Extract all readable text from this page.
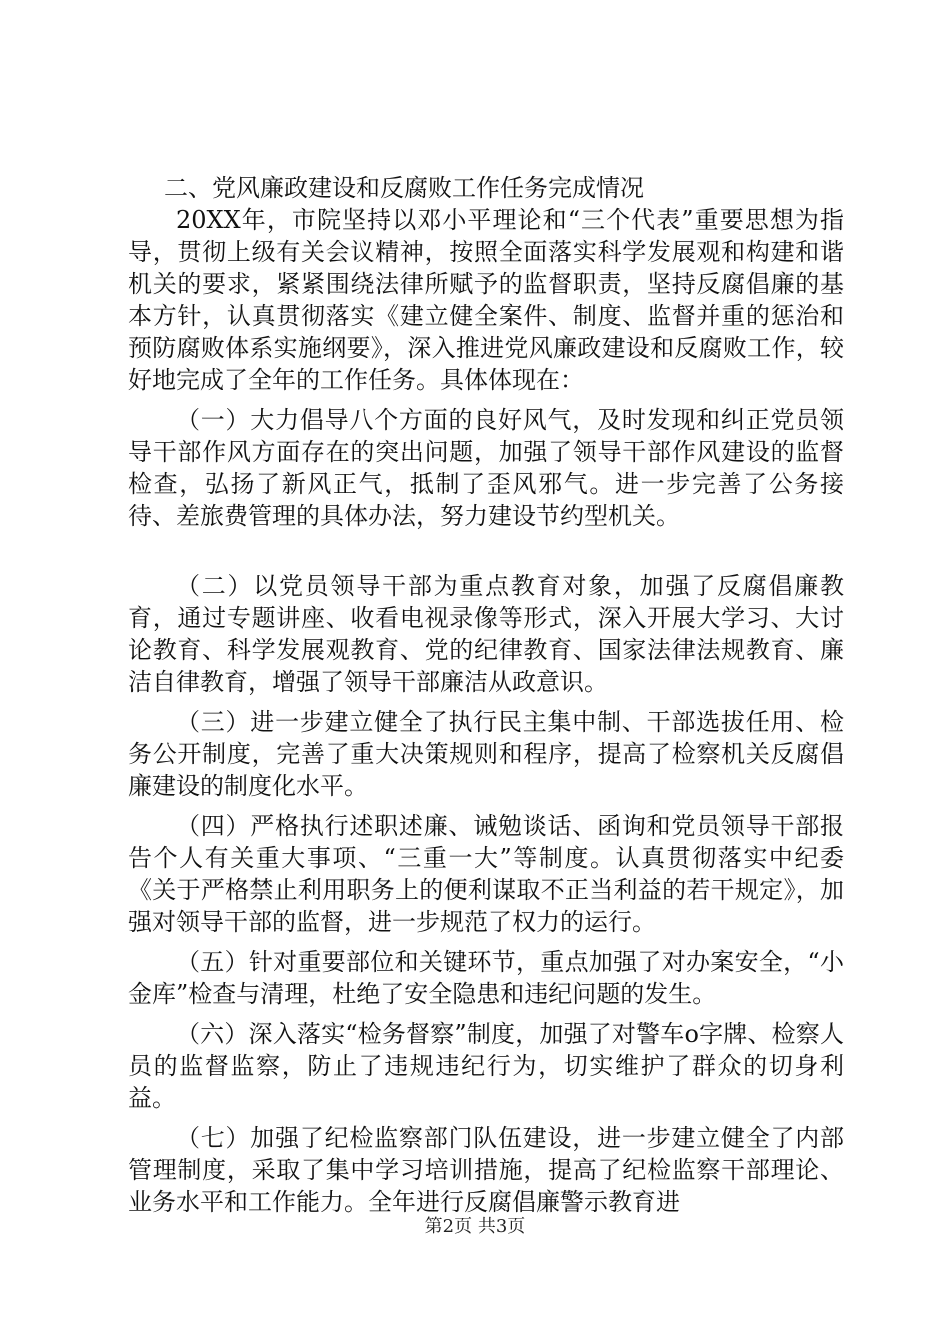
二、党风廉政建设和反腐败工作任务完成情况

20XX年，市院坚持以邓小平理论和“三个代表”重要思想为指导，贯彻上级有关会议精神，按照全面落实科学发展观和构建和谐机关的要求，紧紧围绕法律所赋予的监督职责，坚持反腐倡廉的基本方针，认真贯彻落实《建立健全案件、制度、监督并重的惩治和预防腐败体系实施纲要》，深入推进党风廉政建设和反腐败工作，较好地完成了全年的工作任务。具体体现在：

（一）大力倡导八个方面的良好风气，及时发现和纠正党员领导干部作风方面存在的突出问题，加强了领导干部作风建设的监督检查，弘扬了新风正气，抵制了歪风邪气。进一步完善了公务接待、差旅费管理的具体办法，努力建设节约型机关。

（二）以党员领导干部为重点教育对象，加强了反腐倡廉教育，通过专题讲座、收看电视录像等形式，深入开展大学习、大讨论教育、科学发展观教育、党的纪律教育、国家法律法规教育、廉洁自律教育，增强了领导干部廉洁从政意识。

（三）进一步建立健全了执行民主集中制、干部选拔任用、检务公开制度，完善了重大决策规则和程序，提高了检察机关反腐倡廉建设的制度化水平。

（四）严格执行述职述廉、诫勉谈话、函询和党员领导干部报告个人有关重大事项、“三重一大”等制度。认真贯彻落实中纪委《关于严格禁止利用职务上的便利谋取不正当利益的若干规定》，加强对领导干部的监督，进一步规范了权力的运行。

（五）针对重要部位和关键环节，重点加强了对办案安全，“小金库”检查与清理，杜绝了安全隐患和违纪问题的发生。

（六）深入落实“检务督察”制度，加强了对警车o字牌、检察人员的监督监察，防止了违规违纪行为，切实维护了群众的切身利益。

（七）加强了纪检监察部门队伍建设，进一步建立健全了内部管理制度，采取了集中学习培训措施，提高了纪检监察干部理论、业务水平和工作能力。全年进行反腐倡廉警示教育进

第2页 共3页
